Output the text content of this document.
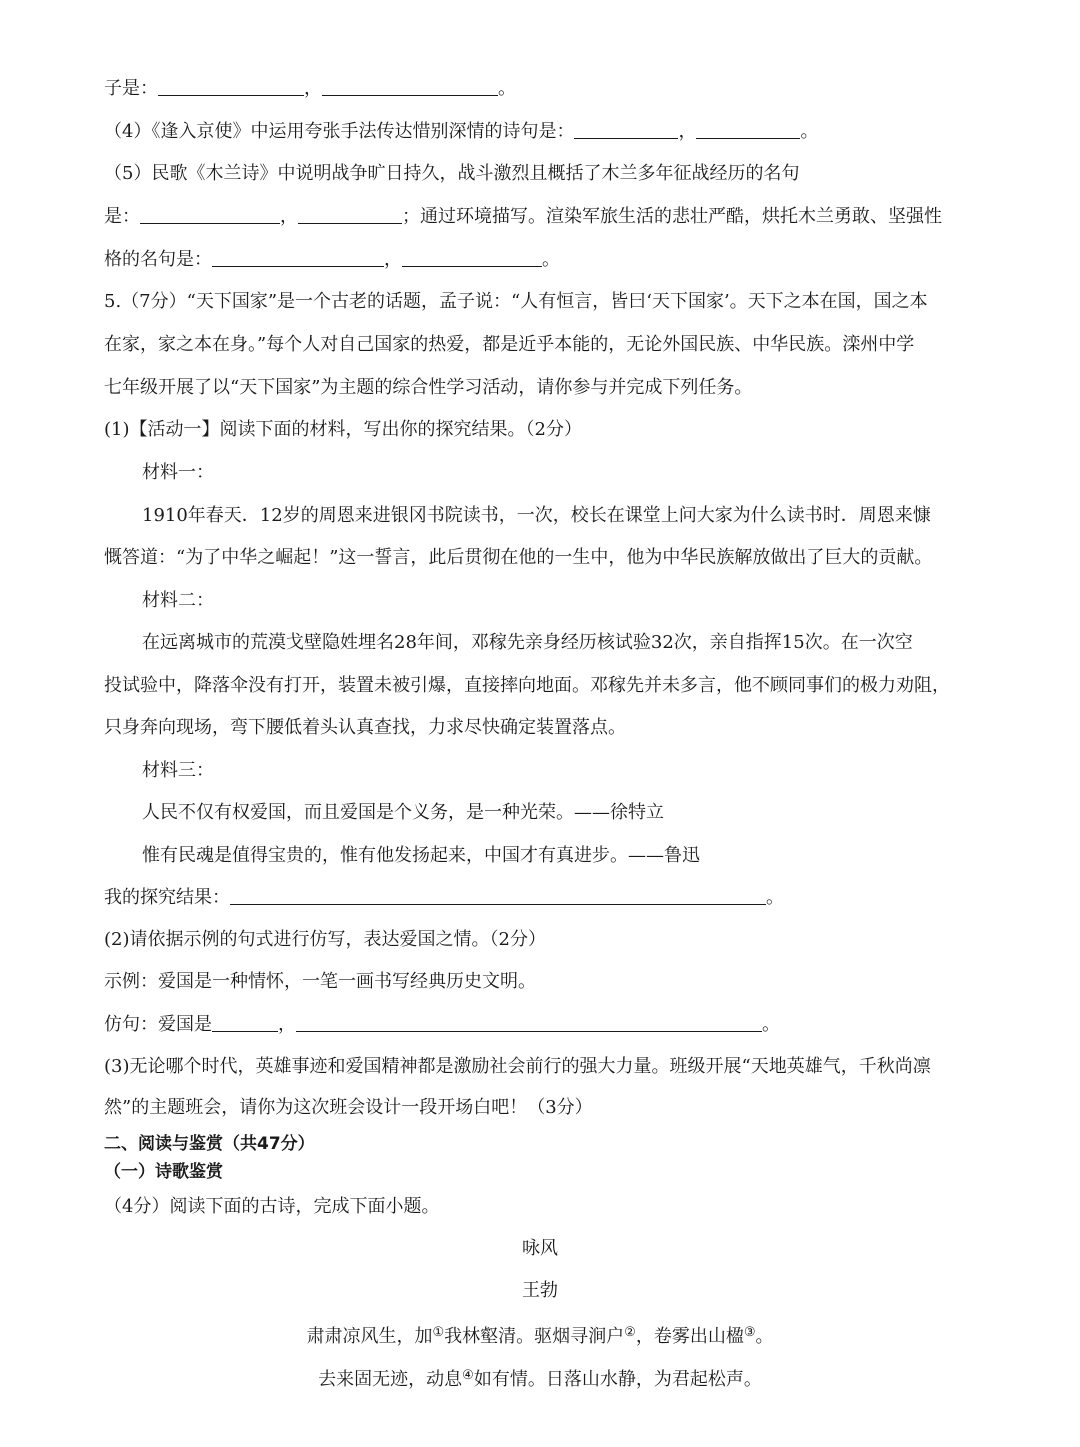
子是：	，	。
（4）《逢入京使》中运用夸张手法传达惜别深情的诗句是：	，	。
（5）民歌《木兰诗》中说明战争旷日持久，战斗激烈且概括了木兰多年征战经历的名句
是：	，	；通过环境描写。渲染军旅生活的悲壮严酷，烘托木兰勇敢、坚强性
格的名句是：	，	。
5.（7分）“天下国家”是一个古老的话题，孟子说：“人有恒言，皆曰‘天下国家’。天下之本在国，国之本
在家，家之本在身。”每个人对自己国家的热爱，都是近乎本能的，无论外国民族、中华民族。滦州中学
七年级开展了以“天下国家”为主题的综合性学习活动，请你参与并完成下列任务。
(1)【活动一】阅读下面的材料，写出你的探究结果。（2分）
材料一：
1910年春天．12岁的周恩来进银冈书院读书，一次，校长在课堂上问大家为什么读书时．周恩来慷
慨答道：“为了中华之崛起！”这一誓言，此后贯彻在他的一生中，他为中华民族解放做出了巨大的贡献。
材料二：
在远离城市的荒漠戈壁隐姓埋名28年间，邓稼先亲身经历核试验32次，亲自指挥15次。在一次空
投试验中，降落伞没有打开，装置未被引爆，直接摔向地面。邓稼先并未多言，他不顾同事们的极力劝阻，
只身奔向现场，弯下腰低着头认真查找，力求尽快确定装置落点。
材料三：
人民不仅有权爱国，而且爱国是个义务，是一种光荣。——徐特立
惟有民魂是值得宝贵的，惟有他发扬起来，中国才有真进步。——鲁迅
我的探究结果：	。
(2)请依据示例的句式进行仿写，表达爱国之情。（2分）
示例：爱国是一种情怀，一笔一画书写经典历史文明。
仿句：爱国是	，	。
(3)无论哪个时代，英雄事迹和爱国精神都是激励社会前行的强大力量。班级开展“天地英雄气，千秋尚凛
然”的主题班会，请你为这次班会设计一段开场白吧！（3分）
二、阅读与鉴赏（共47分）
（一）诗歌鉴赏
（4分）阅读下面的古诗，完成下面小题。
咏风
王勃
肃肃凉风生，加①我林壑清。驱烟寻涧户②，卷雾出山楹③。
去来固无迹，动息④如有情。日落山水静，为君起松声。
